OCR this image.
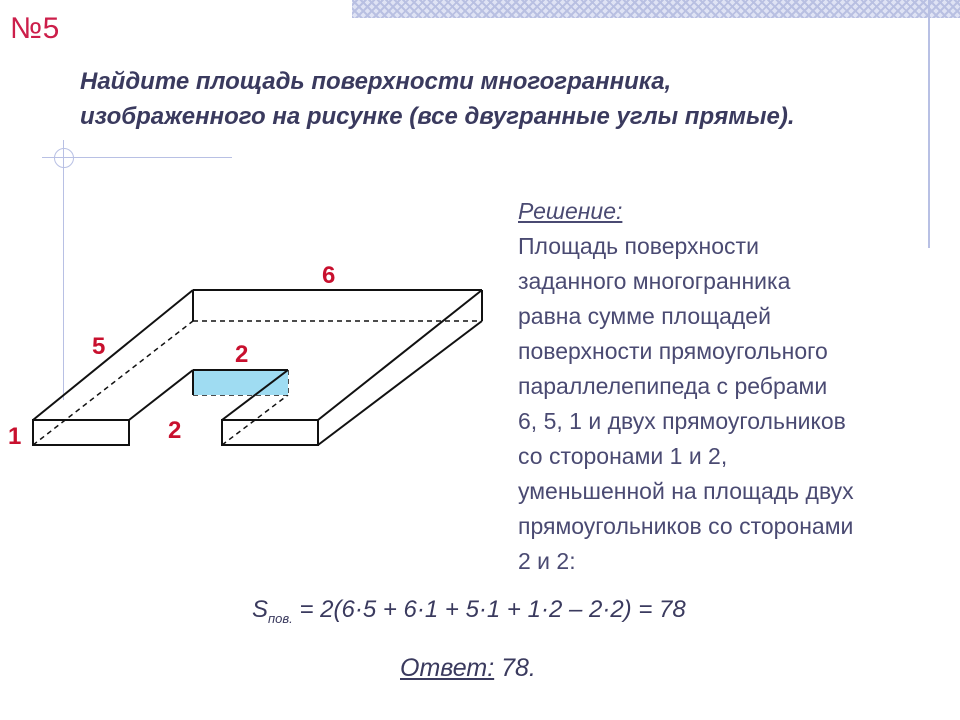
№5
Найдите площадь поверхности многогранника,
изображенного на рисунке (все двугранные углы прямые).
6
5
1
2
2
Решение:
Площадь поверхности
заданного многогранника
равна сумме площадей
поверхности прямоугольного
параллелепипеда с ребрами
6, 5, 1 и двух прямоугольников
со сторонами 1 и 2,
уменьшенной на площадь двух
прямоугольников со сторонами
2 и 2:
$S_{пов.} = 2(6\cdot 5 + 6\cdot 1 + 5\cdot 1 + 1\cdot 2 - 2\cdot 2) = 78$
Ответ: 78.
